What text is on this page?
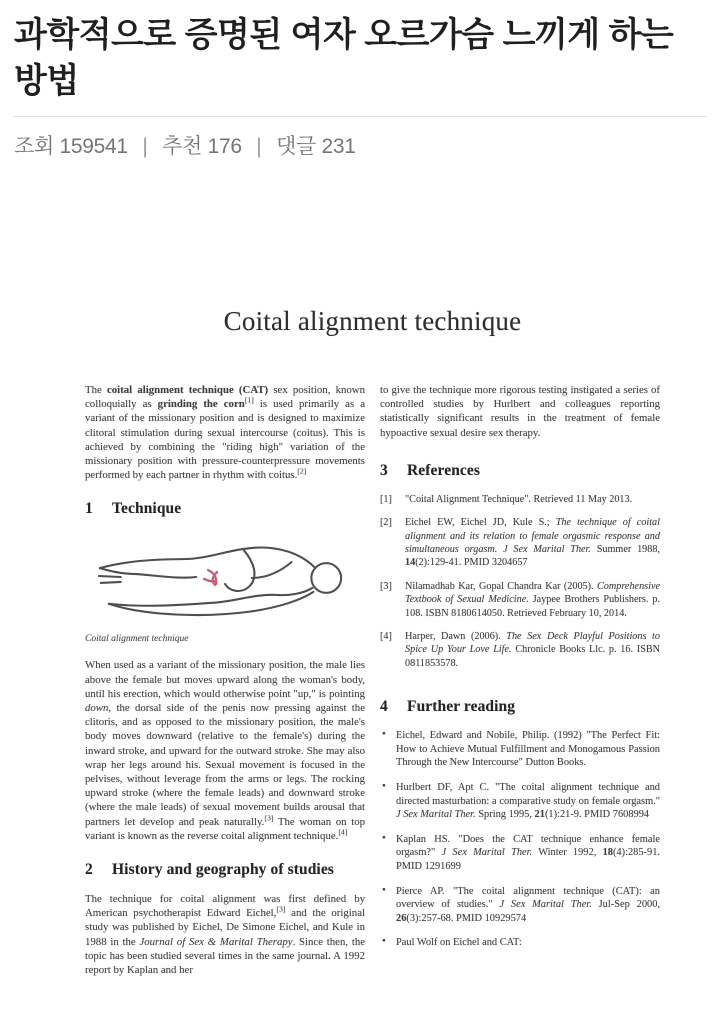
과학적으로 증명된 여자 오르가슴 느끼게 하는 방법
조회 159541 | 추천 176 | 댓글 231
Coital alignment technique

The coital alignment technique (CAT) sex position, known colloquially as grinding the corn[1] is used primarily as a variant of the missionary position and is designed to maximize clitoral stimulation during sexual intercourse (coitus). This is achieved by combining the "riding high" variation of the missionary position with pressure-counterpressure movements performed by each partner in rhythm with coitus.[2]

1 Technique
Coital alignment technique

When used as a variant of the missionary position, the male lies above the female but moves upward along the woman's body, until his erection, which would otherwise point "up," is pointing down, the dorsal side of the penis now pressing against the clitoris, and as opposed to the missionary position, the male's body moves downward (relative to the female's) during the inward stroke, and upward for the outward stroke. She may also wrap her legs around his. Sexual movement is focused in the pelvises, without leverage from the arms or legs. The rocking upward stroke (where the female leads) and downward stroke (where the male leads) of sexual movement builds arousal that partners let develop and peak naturally.[3] The woman on top variant is known as the reverse coital alignment technique.[4]

2 History and geography of studies

The technique for coital alignment was first defined by American psychotherapist Edward Eichel,[3] and the original study was published by Eichel, De Simone Eichel, and Kule in 1988 in the Journal of Sex & Marital Therapy. Since then, the topic has been studied several times in the same journal. A 1992 report by Kaplan and her

to give the technique more rigorous testing instigated a series of controlled studies by Hurlbert and colleagues reporting statistically significant results in the treatment of female hypoactive sexual desire sex therapy.

3 References
[1] "Coital Alignment Technique". Retrieved 11 May 2013.
[2] Eichel EW, Eichel JD, Kule S.; The technique of coital alignment and its relation to female orgasmic response and simultaneous orgasm. J Sex Marital Ther. Summer 1988, 14(2):129-41. PMID 3204657
[3] Nilamadhab Kar, Gopal Chandra Kar (2005). Comprehensive Textbook of Sexual Medicine. Jaypee Brothers Publishers. p. 108. ISBN 8180614050. Retrieved February 10, 2014.
[4] Harper, Dawn (2006). The Sex Deck Playful Positions to Spice Up Your Love Life. Chronicle Books Llc. p. 16. ISBN 0811853578.
4 Further reading
• Eichel, Edward and Nobile, Philip. (1992) "The Perfect Fit: How to Achieve Mutual Fulfillment and Monogamous Passion Through the New Intercourse" Dutton Books.
• Hurlbert DF, Apt C. "The coital alignment technique and directed masturbation: a comparative study on female orgasm." J Sex Marital Ther. Spring 1995, 21(1):21-9. PMID 7608994
• Kaplan HS. "Does the CAT technique enhance female orgasm?" J Sex Marital Ther. Winter 1992, 18(4):285-91. PMID 1291699
• Pierce AP. "The coital alignment technique (CAT): an overview of studies." J Sex Marital Ther. Jul-Sep 2000, 26(3):257-68. PMID 10929574
• Paul Wolf on Eichel and CAT:
